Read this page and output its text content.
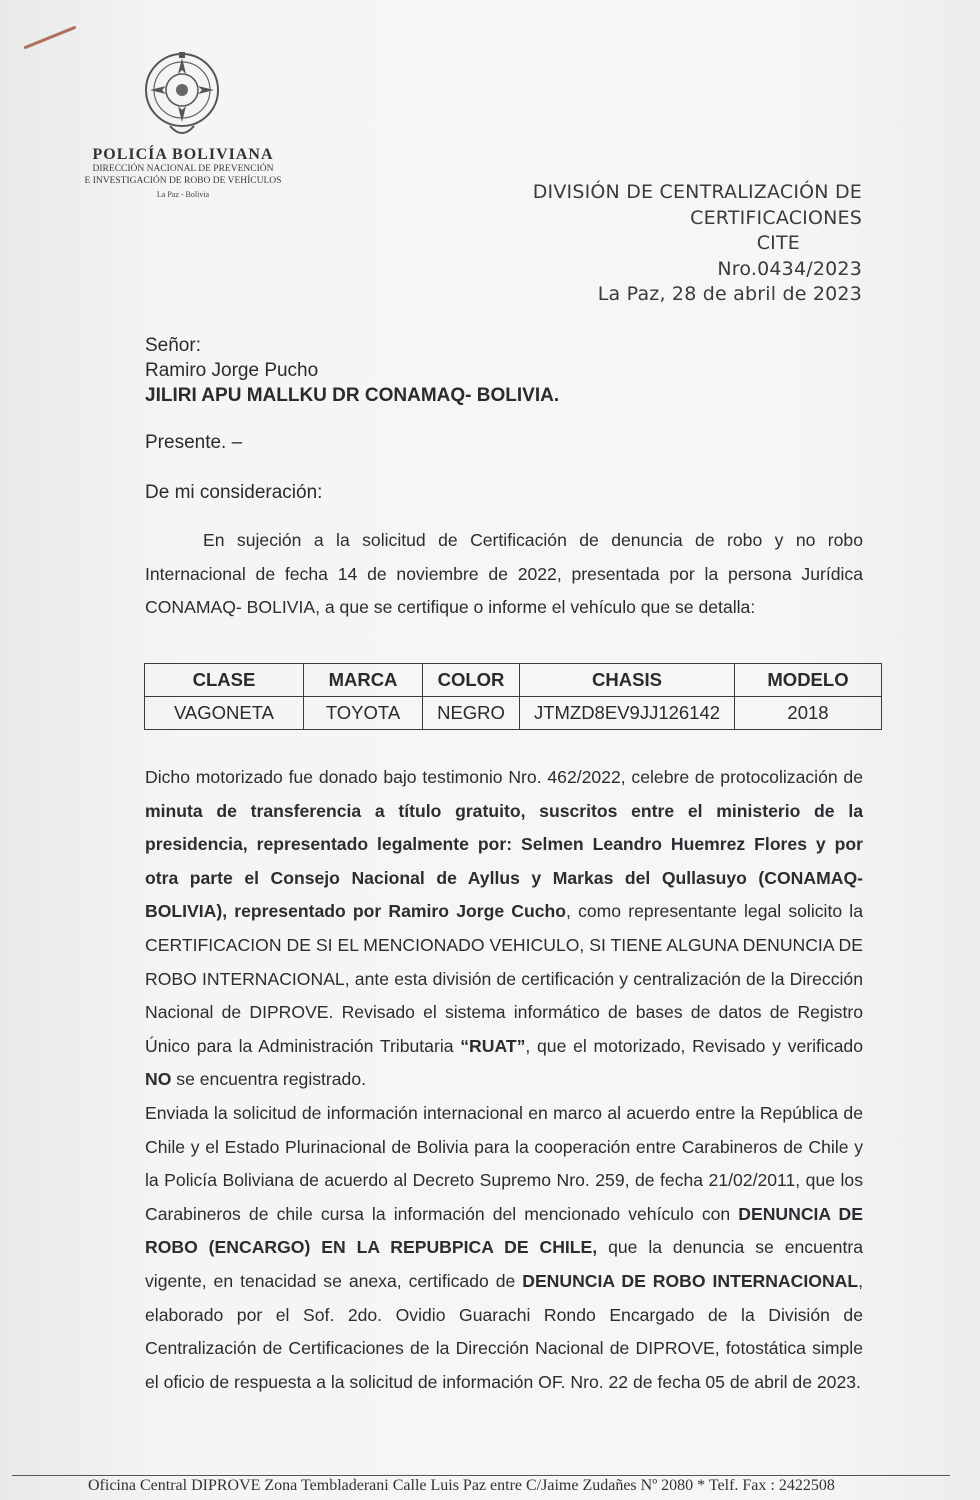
POLICÍA BOLIVIANA
DIRECCIÓN NACIONAL DE PREVENCIÓN
E INVESTIGACIÓN DE ROBO DE VEHÍCULOS
La Paz - Bolivia	DIVISIÓN DE CENTRALIZACIÓN DE
CERTIFICACIONES
CITE
Nro.0434/2023
La Paz, 28 de abril de 2023
Señor:
Ramiro Jorge Pucho
JILIRI APU MALLKU DR CONAMAQ- BOLIVIA.
Presente. –
De mi consideración:

En sujeción a la solicitud de Certificación de denuncia de robo y no robo Internacional de fecha 14 de noviembre de 2022, presentada por la persona Jurídica CONAMAQ- BOLIVIA, a que se certifique o informe el vehículo que se detalla:

CLASE	MARCA	COLOR	CHASIS	MODELO
VAGONETA	TOYOTA	NEGRO	JTMZD8EV9JJ126142	2018

Dicho motorizado fue donado bajo testimonio Nro. 462/2022, celebre de protocolización de minuta de transferencia a título gratuito, suscritos entre el ministerio de la presidencia, representado legalmente por: Selmen Leandro Huemrez Flores y por otra parte el Consejo Nacional de Ayllus y Markas del Qullasuyo (CONAMAQ-BOLIVIA), representado por Ramiro Jorge Cucho, como representante legal solicito la CERTIFICACION DE SI EL MENCIONADO VEHICULO, SI TIENE ALGUNA DENUNCIA DE ROBO INTERNACIONAL, ante esta división de certificación y centralización de la Dirección Nacional de DIPROVE. Revisado el sistema informático de bases de datos de Registro Único para la Administración Tributaria “RUAT”, que el motorizado, Revisado y verificado NO se encuentra registrado.

Enviada la solicitud de información internacional en marco al acuerdo entre la República de Chile y el Estado Plurinacional de Bolivia para la cooperación entre Carabineros de Chile y la Policía Boliviana de acuerdo al Decreto Supremo Nro. 259, de fecha 21/02/2011, que los Carabineros de chile cursa la información del mencionado vehículo con DENUNCIA DE ROBO (ENCARGO) EN LA REPUBPICA DE CHILE, que la denuncia se encuentra vigente, en tenacidad se anexa, certificado de DENUNCIA DE ROBO INTERNACIONAL, elaborado por el Sof. 2do. Ovidio Guarachi Rondo Encargado de la División de Centralización de Certificaciones de la Dirección Nacional de DIPROVE, fotostática simple el oficio de respuesta a la solicitud de información OF. Nro. 22 de fecha 05 de abril de 2023.

Oficina Central DIPROVE Zona Tembladerani Calle Luis Paz entre C/Jaime Zudañes Nº 2080 * Telf. Fax : 2422508
